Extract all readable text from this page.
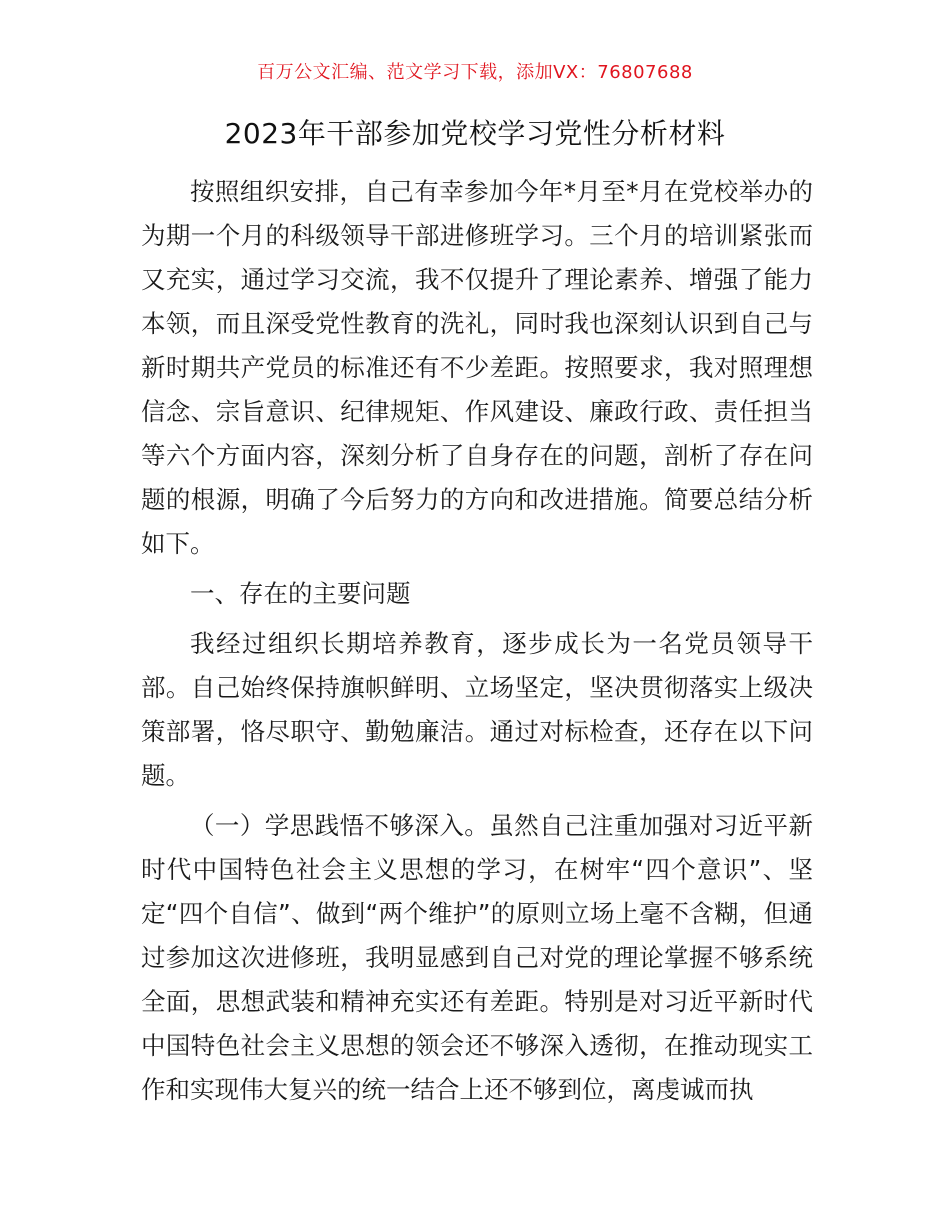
百万公文汇编、范文学习下载，添加VX：76807688
2023年干部参加党校学习党性分析材料

按照组织安排，自己有幸参加今年*月至*月在党校举办的为期一个月的科级领导干部进修班学习。三个月的培训紧张而又充实，通过学习交流，我不仅提升了理论素养、增强了能力本领，而且深受党性教育的洗礼，同时我也深刻认识到自己与新时期共产党员的标准还有不少差距。按照要求，我对照理想信念、宗旨意识、纪律规矩、作风建设、廉政行政、责任担当等六个方面内容，深刻分析了自身存在的问题，剖析了存在问题的根源，明确了今后努力的方向和改进措施。简要总结分析如下。

一、存在的主要问题

我经过组织长期培养教育，逐步成长为一名党员领导干部。自己始终保持旗帜鲜明、立场坚定，坚决贯彻落实上级决策部署，恪尽职守、勤勉廉洁。通过对标检查，还存在以下问题。

（一）学思践悟不够深入。虽然自己注重加强对习近平新时代中国特色社会主义思想的学习，在树牢“四个意识”、坚定“四个自信”、做到“两个维护”的原则立场上毫不含糊，但通过参加这次进修班，我明显感到自己对党的理论掌握不够系统全面，思想武装和精神充实还有差距。特别是对习近平新时代中国特色社会主义思想的领会还不够深入透彻，在推动现实工作和实现伟大复兴的统一结合上还不够到位，离虔诚而执
